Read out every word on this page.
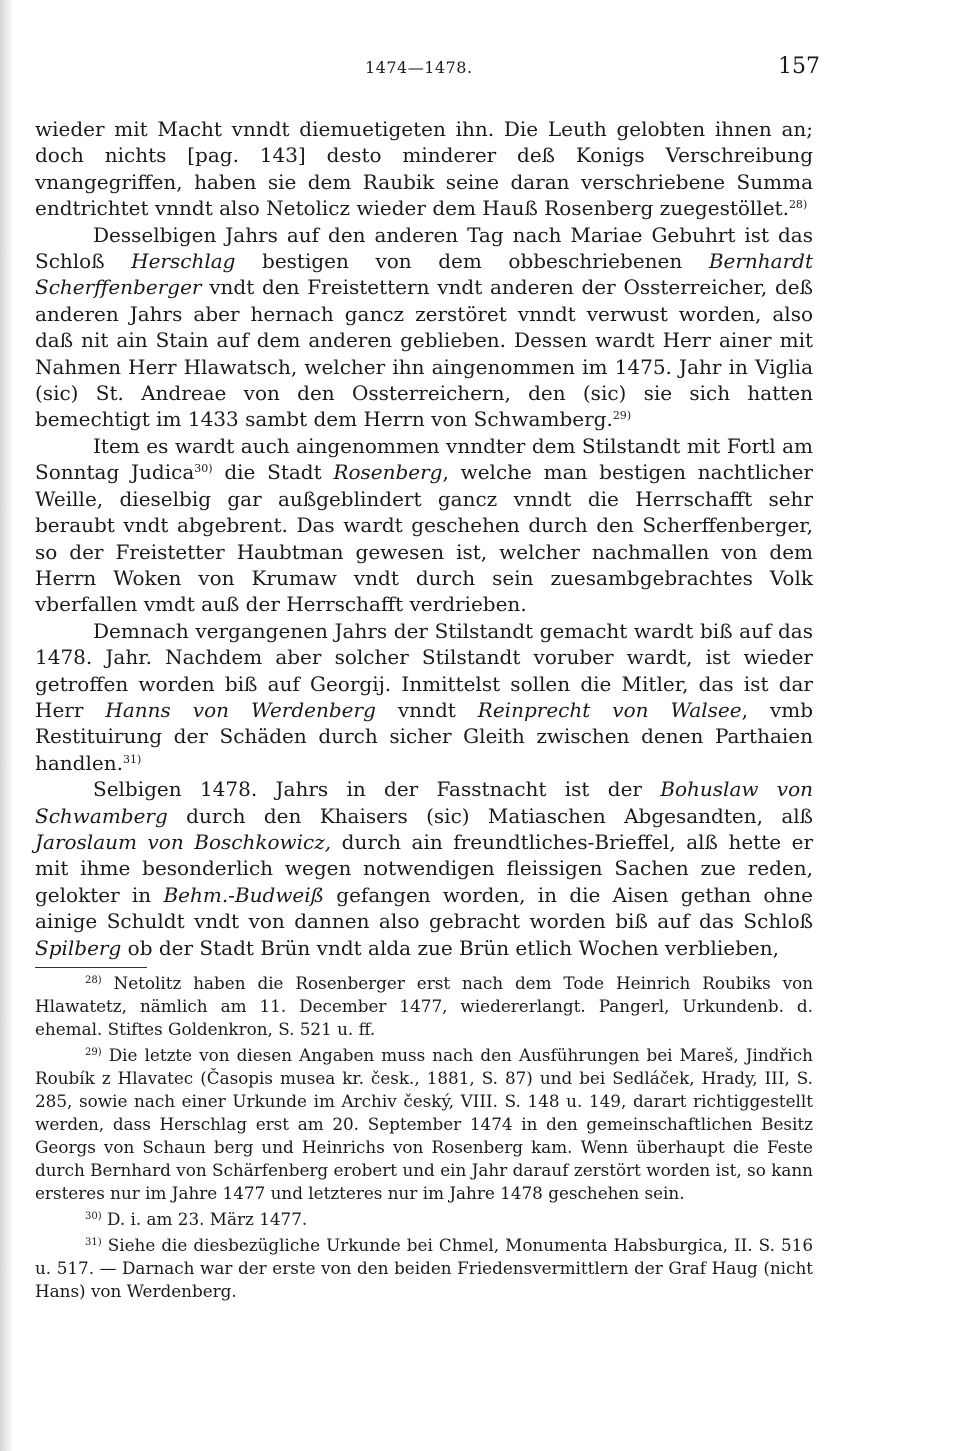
1474—1478.	157

wieder mit Macht vnndt diemuetigeten ihn. Die Leuth gelobten ihnen an; doch nichts [pag. 143] desto minderer deß Konigs Verschreibung vnangegriffen, haben sie dem Raubik seine daran verschriebene Summa endtrichtet vnndt also Netolicz wieder dem Hauß Rosenberg zuegestöllet.$^{28)}$

Desselbigen Jahrs auf den anderen Tag nach Mariae Gebuhrt ist das Schloß Herschlag bestigen von dem obbeschriebenen Bernhardt Scherffenberger vndt den Freistettern vndt anderen der Ossterreicher, deß anderen Jahrs aber hernach gancz zerstöret vnndt verwust worden, also daß nit ain Stain auf dem anderen geblieben. Dessen wardt Herr ainer mit Nahmen Herr Hlawatsch, welcher ihn aingenommen im 1475. Jahr in Viglia (sic) St. Andreae von den Ossterreichern, den (sic) sie sich hatten bemechtigt im 1433 sambt dem Herrn von Schwamberg.$^{29)}$

Item es wardt auch aingenommen vnndter dem Stilstandt mit Fortl am Sonntag Judica$^{30)}$ die Stadt Rosenberg, welche man bestigen nachtlicher Weille, dieselbig gar außgeblindert gancz vnndt die Herrschafft sehr beraubt vndt abgebrent. Das wardt geschehen durch den Scherffenberger, so der Freistetter Haubtman gewesen ist, welcher nachmallen von dem Herrn Woken von Krumaw vndt durch sein zuesambgebrachtes Volk vberfallen vmdt auß der Herrschafft verdrieben.

Demnach vergangenen Jahrs der Stilstandt gemacht wardt biß auf das 1478. Jahr. Nachdem aber solcher Stilstandt voruber wardt, ist wieder getroffen worden biß auf Georgij. Inmittelst sollen die Mitler, das ist dar Herr Hanns von Werdenberg vnndt Reinprecht von Walsee, vmb Restituirung der Schäden durch sicher Gleith zwischen denen Parthaien handlen.$^{31)}$

Selbigen 1478. Jahrs in der Fasstnacht ist der Bohuslaw von Schwamberg durch den Khaisers (sic) Matiaschen Abgesandten, alß Jaroslaum von Boschkowicz, durch ain freundtliches-Brieffel, alß hette er mit ihme besonderlich wegen notwendigen fleissigen Sachen zue reden, gelokter in Behm.-Budweiß gefangen worden, in die Aisen gethan ohne ainige Schuldt vndt von dannen also gebracht worden biß auf das Schloß Spilberg ob der Stadt Brün vndt alda zue Brün etlich Wochen verblieben,

$^{28)}$ Netolitz haben die Rosenberger erst nach dem Tode Heinrich Roubiks von Hlawatetz, nämlich am 11. December 1477, wiedererlangt. Pangerl, Urkundenb. d. ehemal. Stiftes Goldenkron, S. 521 u. ff.

$^{29)}$ Die letzte von diesen Angaben muss nach den Ausführungen bei Mareš, Jindřich Roubík z Hlavatec (Časopis musea kr. česk., 1881, S. 87) und bei Sedláček, Hrady, III, S. 285, sowie nach einer Urkunde im Archiv český, VIII. S. 148 u. 149, darart richtiggestellt werden, dass Herschlag erst am 20. September 1474 in den gemeinschaftlichen Besitz Georgs von Schaun berg und Heinrichs von Rosenberg kam. Wenn überhaupt die Feste durch Bernhard von Schärfenberg erobert und ein Jahr darauf zerstört worden ist, so kann ersteres nur im Jahre 1477 und letzteres nur im Jahre 1478 geschehen sein.

$^{30)}$ D. i. am 23. März 1477.

$^{31)}$ Siehe die diesbezügliche Urkunde bei Chmel, Monumenta Habsburgica, II. S. 516 u. 517. — Darnach war der erste von den beiden Friedensvermittlern der Graf Haug (nicht Hans) von Werdenberg.
